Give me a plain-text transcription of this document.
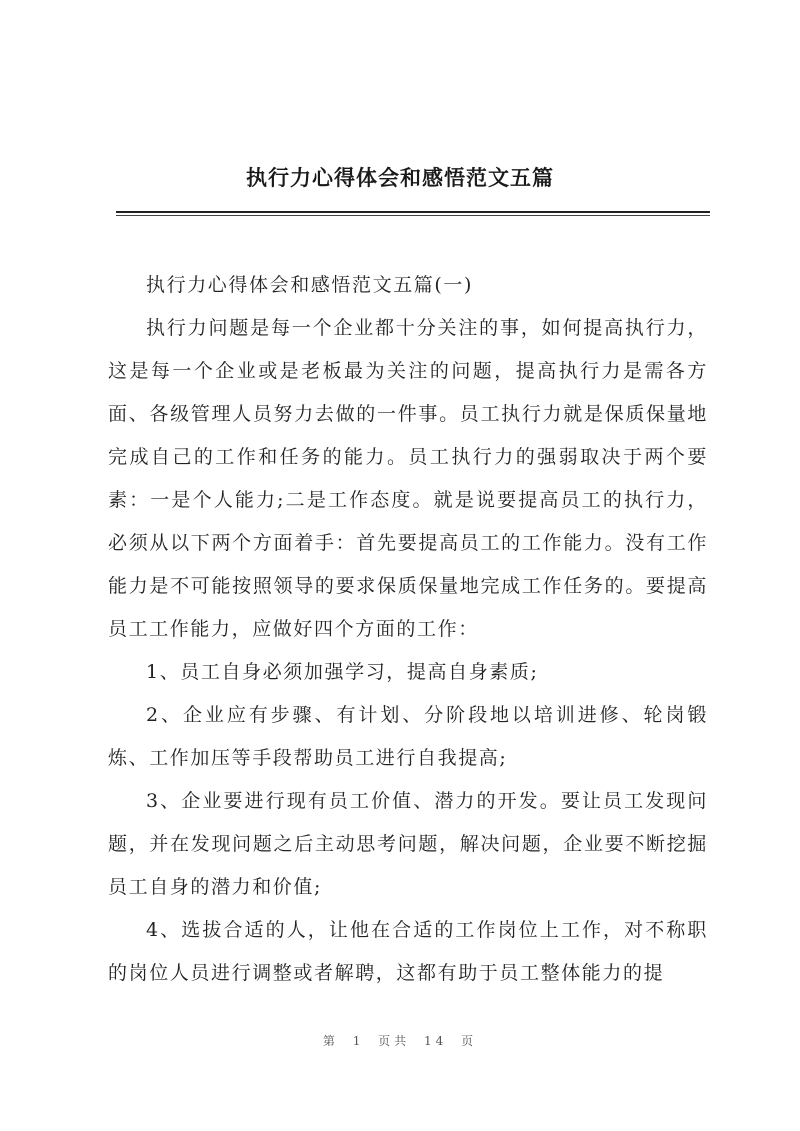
执行力心得体会和感悟范文五篇

执行力心得体会和感悟范文五篇(一)

执行力问题是每一个企业都十分关注的事，如何提高执行力，这是每一个企业或是老板最为关注的问题，提高执行力是需各方面、各级管理人员努力去做的一件事。员工执行力就是保质保量地完成自己的工作和任务的能力。员工执行力的强弱取决于两个要素：一是个人能力;二是工作态度。就是说要提高员工的执行力，必须从以下两个方面着手：首先要提高员工的工作能力。没有工作能力是不可能按照领导的要求保质保量地完成工作任务的。要提高员工工作能力，应做好四个方面的工作：

1、员工自身必须加强学习，提高自身素质;

2、企业应有步骤、有计划、分阶段地以培训进修、轮岗锻炼、工作加压等手段帮助员工进行自我提高;

3、企业要进行现有员工价值、潜力的开发。要让员工发现问题，并在发现问题之后主动思考问题，解决问题，企业要不断挖掘员工自身的潜力和价值;

4、选拔合适的人，让他在合适的工作岗位上工作，对不称职的岗位人员进行调整或者解聘，这都有助于员工整体能力的提

第 1 页共 14 页
